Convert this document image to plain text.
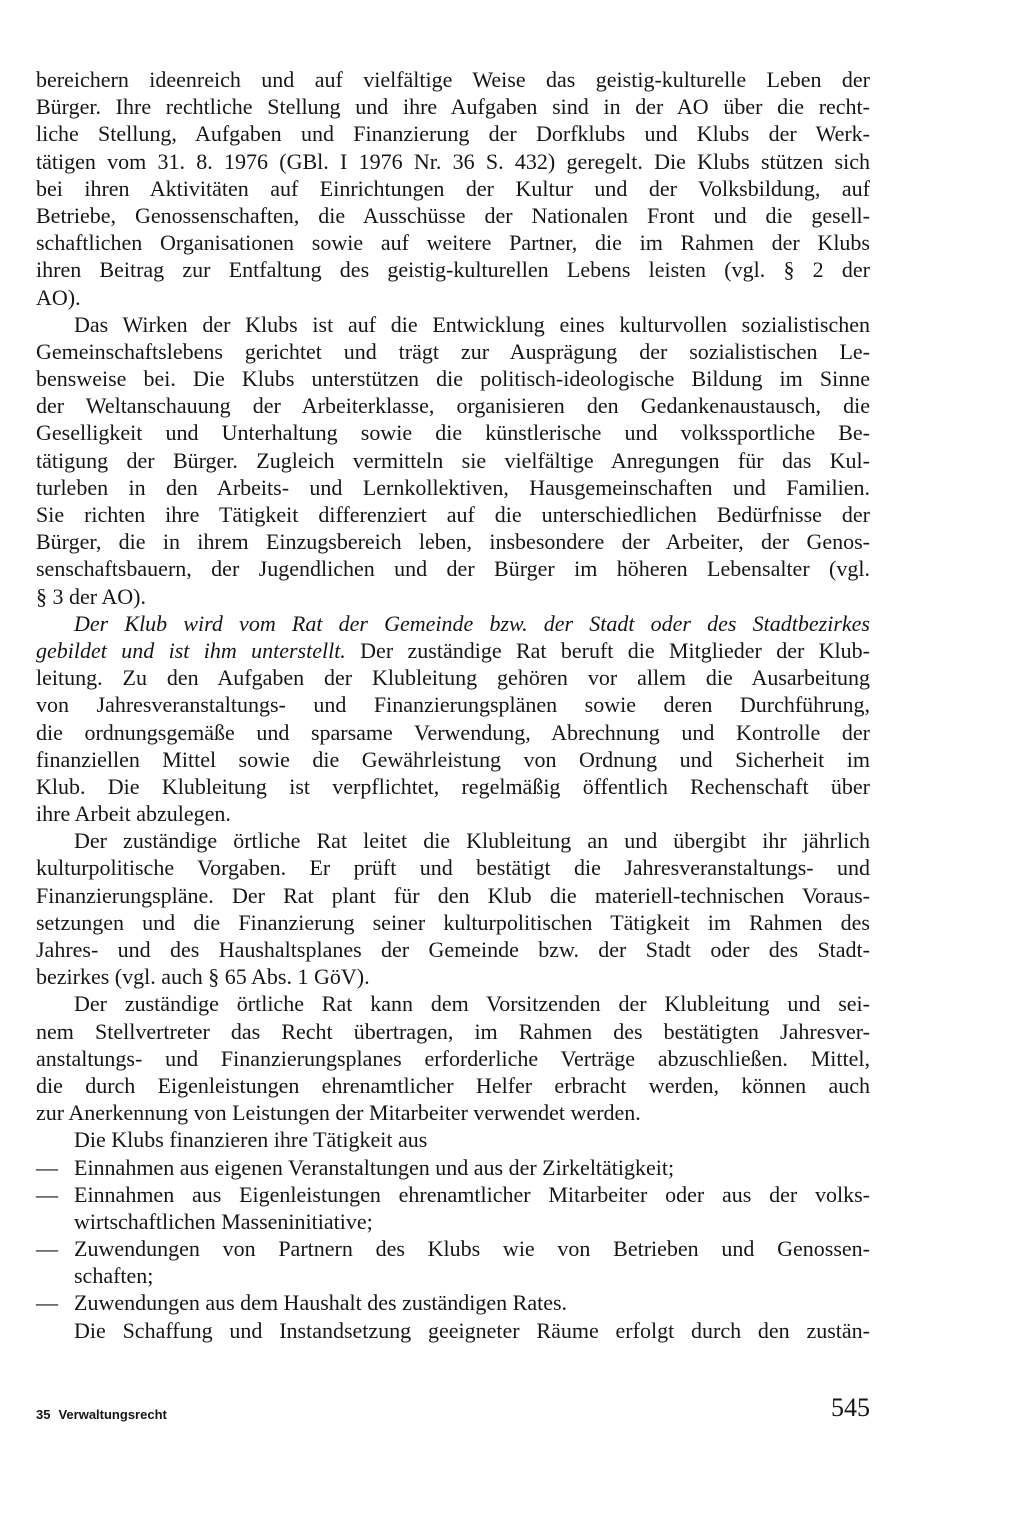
bereichern ideenreich und auf vielfältige Weise das geistig-kulturelle Leben der
Bürger. Ihre rechtliche Stellung und ihre Aufgaben sind in der AO über die recht-
liche Stellung, Aufgaben und Finanzierung der Dorfklubs und Klubs der Werk-
tätigen vom 31. 8. 1976 (GBl. I 1976 Nr. 36 S. 432) geregelt. Die Klubs stützen sich
bei ihren Aktivitäten auf Einrichtungen der Kultur und der Volksbildung, auf
Betriebe, Genossenschaften, die Ausschüsse der Nationalen Front und die gesell-
schaftlichen Organisationen sowie auf weitere Partner, die im Rahmen der Klubs
ihren Beitrag zur Entfaltung des geistig-kulturellen Lebens leisten (vgl. § 2 der
AO).
Das Wirken der Klubs ist auf die Entwicklung eines kulturvollen sozialistischen
Gemeinschaftslebens gerichtet und trägt zur Ausprägung der sozialistischen Le-
bensweise bei. Die Klubs unterstützen die politisch-ideologische Bildung im Sinne
der Weltanschauung der Arbeiterklasse, organisieren den Gedankenaustausch, die
Geselligkeit und Unterhaltung sowie die künstlerische und volkssportliche Be-
tätigung der Bürger. Zugleich vermitteln sie vielfältige Anregungen für das Kul-
turleben in den Arbeits- und Lernkollektiven, Hausgemeinschaften und Familien.
Sie richten ihre Tätigkeit differenziert auf die unterschiedlichen Bedürfnisse der
Bürger, die in ihrem Einzugsbereich leben, insbesondere der Arbeiter, der Genos-
senschaftsbauern, der Jugendlichen und der Bürger im höheren Lebensalter (vgl.
§ 3 der AO).
Der Klub wird vom Rat der Gemeinde bzw. der Stadt oder des Stadtbezirkes
gebildet und ist ihm unterstellt. Der zuständige Rat beruft die Mitglieder der Klub-
leitung. Zu den Aufgaben der Klubleitung gehören vor allem die Ausarbeitung
von Jahresveranstaltungs- und Finanzierungsplänen sowie deren Durchführung,
die ordnungsgemäße und sparsame Verwendung, Abrechnung und Kontrolle der
finanziellen Mittel sowie die Gewährleistung von Ordnung und Sicherheit im
Klub. Die Klubleitung ist verpflichtet, regelmäßig öffentlich Rechenschaft über
ihre Arbeit abzulegen.
Der zuständige örtliche Rat leitet die Klubleitung an und übergibt ihr jährlich
kulturpolitische Vorgaben. Er prüft und bestätigt die Jahresveranstaltungs- und
Finanzierungspläne. Der Rat plant für den Klub die materiell-technischen Voraus-
setzungen und die Finanzierung seiner kulturpolitischen Tätigkeit im Rahmen des
Jahres- und des Haushaltsplanes der Gemeinde bzw. der Stadt oder des Stadt-
bezirkes (vgl. auch § 65 Abs. 1 GöV).
Der zuständige örtliche Rat kann dem Vorsitzenden der Klubleitung und sei-
nem Stellvertreter das Recht übertragen, im Rahmen des bestätigten Jahresver-
anstaltungs- und Finanzierungsplanes erforderliche Verträge abzuschließen. Mittel,
die durch Eigenleistungen ehrenamtlicher Helfer erbracht werden, können auch
zur Anerkennung von Leistungen der Mitarbeiter verwendet werden.
Die Klubs finanzieren ihre Tätigkeit aus
— Einnahmen aus eigenen Veranstaltungen und aus der Zirkeltätigkeit;
— Einnahmen aus Eigenleistungen ehrenamtlicher Mitarbeiter oder aus der volks-
wirtschaftlichen Masseninitiative;
— Zuwendungen von Partnern des Klubs wie von Betrieben und Genossen-
schaften;
— Zuwendungen aus dem Haushalt des zuständigen Rates.
Die Schaffung und Instandsetzung geeigneter Räume erfolgt durch den zustän-
35 Verwaltungsrecht	545
